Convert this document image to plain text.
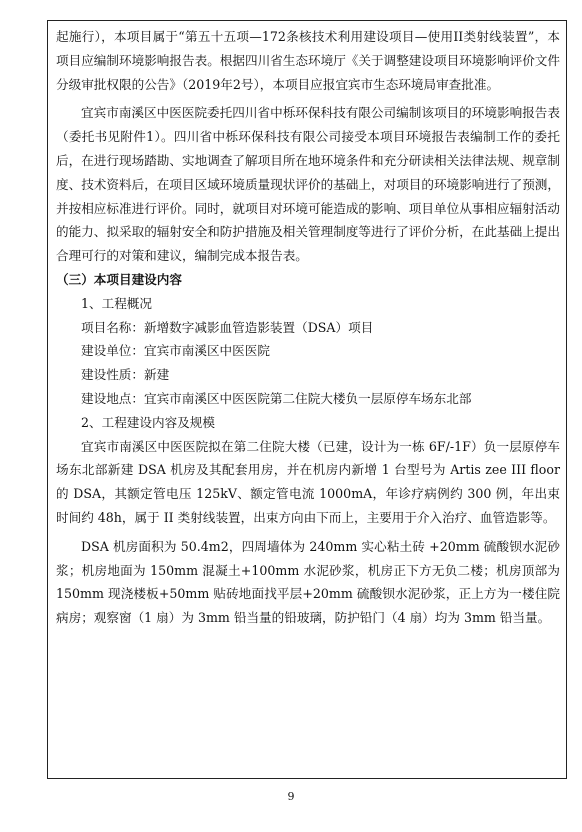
起施行），本项目属于“第五十五项—172条核技术利用建设项目—使用II类射线装置”，本项目应编制环境影响报告表。根据四川省生态环境厅《关于调整建设项目环境影响评价文件分级审批权限的公告》（2019年2号），本项目应报宜宾市生态环境局审查批准。

宜宾市南溪区中医医院委托四川省中栎环保科技有限公司编制该项目的环境影响报告表（委托书见附件1）。四川省中栎环保科技有限公司接受本项目环境报告表编制工作的委托后，在进行现场踏勘、实地调查了解项目所在地环境条件和充分研读相关法律法规、规章制度、技术资料后，在项目区域环境质量现状评价的基础上，对项目的环境影响进行了预测，并按相应标准进行评价。同时，就项目对环境可能造成的影响、项目单位从事相应辐射活动的能力、拟采取的辐射安全和防护措施及相关管理制度等进行了评价分析，在此基础上提出合理可行的对策和建议，编制完成本报告表。

（三）本项目建设内容
1、工程概况
项目名称：新增数字减影血管造影装置（DSA）项目
建设单位：宜宾市南溪区中医医院
建设性质：新建
建设地点：宜宾市南溪区中医医院第二住院大楼负一层原停车场东北部
2、工程建设内容及规模

宜宾市南溪区中医医院拟在第二住院大楼（已建，设计为一栋 6F/-1F）负一层原停车场东北部新建 DSA 机房及其配套用房，并在机房内新增 1 台型号为 Artis zee III floor 的 DSA，其额定管电压 125kV、额定管电流 1000mA，年诊疗病例约 300 例，年出束时间约 48h，属于 II 类射线装置，出束方向由下而上，主要用于介入治疗、血管造影等。

DSA 机房面积为 50.4m2，四周墙体为 240mm 实心粘土砖 +20mm 硫酸钡水泥砂浆；机房地面为 150mm 混凝土+100mm 水泥砂浆，机房正下方无负二楼；机房顶部为 150mm 现浇楼板+50mm 贴砖地面找平层+20mm 硫酸钡水泥砂浆，正上方为一楼住院病房；观察窗（1 扇）为 3mm 铅当量的铅玻璃，防护铅门（4 扇）均为 3mm 铅当量。

9
